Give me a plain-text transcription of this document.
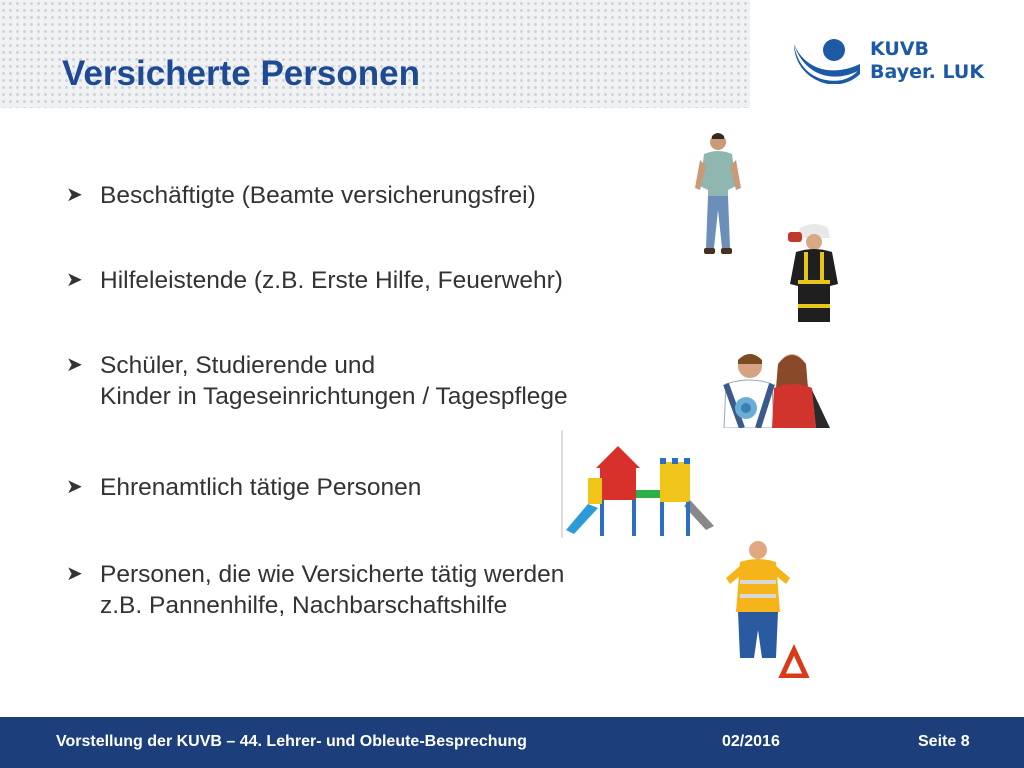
Versicherte Personen
KUVB
Bayer. LUK
➤ Beschäftigte (Beamte versicherungsfrei)
➤ Hilfeleistende (z.B. Erste Hilfe, Feuerwehr)
➤ Schüler, Studierende und
Kinder in Tageseinrichtungen / Tagespflege
➤ Ehrenamtlich tätige Personen
➤ Personen, die wie Versicherte tätig werden
z.B. Pannenhilfe, Nachbarschaftshilfe
Vorstellung der KUVB – 44. Lehrer- und Obleute-Besprechung	02/2016	Seite 8
